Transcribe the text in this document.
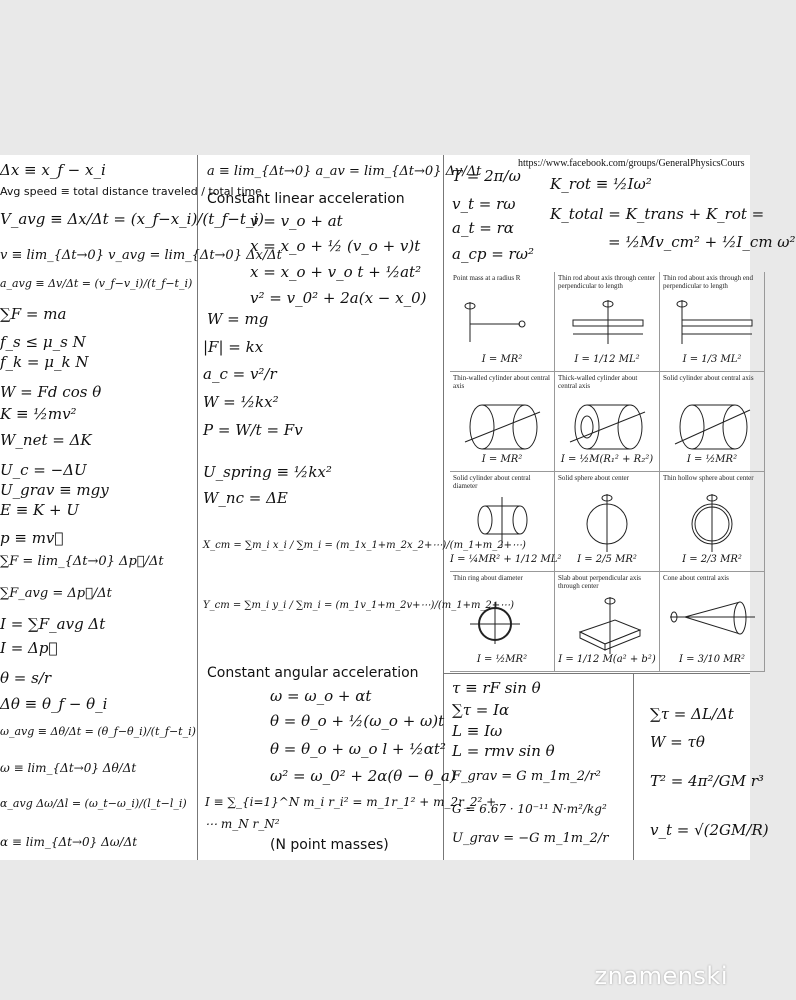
Δx ≡ x_f − x_i
Avg speed ≡ total distance traveled / total time
V_avg ≡ Δx/Δt = (x_f−x_i)/(t_f−t_i)
v ≡ lim_{Δt→0} v_avg = lim_{Δt→0} Δx/Δt
a_avg ≡ Δv/Δt = (v_f−v_i)/(t_f−t_i)
∑F = ma
f_s ≤ μ_s N
f_k = μ_k N
W = Fd cos θ
K ≡ ½mv²
W_net = ΔK
U_c = −ΔU
U_grav ≡ mgy
E ≡ K + U
p ≡ mv⃗
∑F = lim_{Δt→0} Δp⃗/Δt
∑F_avg = Δp⃗/Δt
I = ∑F_avg Δt
I = Δp⃗
θ = s/r
Δθ ≡ θ_f − θ_i
ω_avg ≡ Δθ/Δt = (θ_f−θ_i)/(t_f−t_i)
ω ≡ lim_{Δt→0} Δθ/Δt
α_avg Δω/Δl = (ω_t−ω_i)/(l_t−l_i)
α ≡ lim_{Δt→0} Δω/Δt
a ≡ lim_{Δt→0} a_av = lim_{Δt→0} Δv/Δt
Constant linear acceleration
v = v_o + at
x = x_o + ½ (v_o + v)t
x = x_o + v_o t + ½at²
v² = v_0² + 2a(x − x_0)
W = mg
|F| = kx
a_c = v²/r
W = ½kx²
P = W/t = Fv
U_spring ≡ ½kx²
W_nc = ΔE
X_cm = ∑m_i x_i / ∑m_i = (m_1x_1+m_2x_2+⋯)/(m_1+m_2+⋯)
Y_cm = ∑m_i y_i / ∑m_i = (m_1v_1+m_2v+⋯)/(m_1+m_2+⋯)
Constant angular acceleration
ω = ω_o + αt
θ = θ_o + ½(ω_o + ω)t
θ = θ_o + ω_o l + ½αt²
ω² = ω_0² + 2α(θ − θ_a)
I ≡ ∑_{i=1}^N m_i r_i² = m_1r_1² + m_2r_2² +
⋯ m_N r_N²
(N point masses)
https://www.facebook.com/groups/GeneralPhysicsCours
T = 2π/ω
v_t = rω
a_t = rα
a_cp = rω²
K_rot ≡ ½Iω²
K_total = K_trans + K_rot =
= ½Mv_cm² + ½I_cm ω²
Point mass at a radius R
I = MR²
Thin rod about axis through center perpendicular to length
I = 1/12 ML²
Thin rod about axis through end perpendicular to length
I = 1/3 ML²
Thin-walled cylinder about central axis
I = MR²
Thick-walled cylinder about central axis
I = ½M(R₁² + R₂²)
Solid cylinder about central axis
I = ½MR²
Solid cylinder about central diameter
I = ¼MR² + 1/12 ML²
Solid sphere about center
I = 2/5 MR²
Thin hollow sphere about center
I = 2/3 MR²
Thin ring about diameter
I = ½MR²
Slab about perpendicular axis through center
I = 1/12 M(a² + b²)
Cone about central axis
I = 3/10 MR²
τ ≡ rF sin θ
∑τ = Iα
L ≡ Iω
L = rmv sin θ
F_grav = G m_1m_2/r²
G = 6.67 · 10⁻¹¹ N·m²/kg²
U_grav = −G m_1m_2/r
∑τ = ΔL/Δt
W = τθ
T² = 4π²/GM r³
v_t = √(2GM/R)
znamenski
